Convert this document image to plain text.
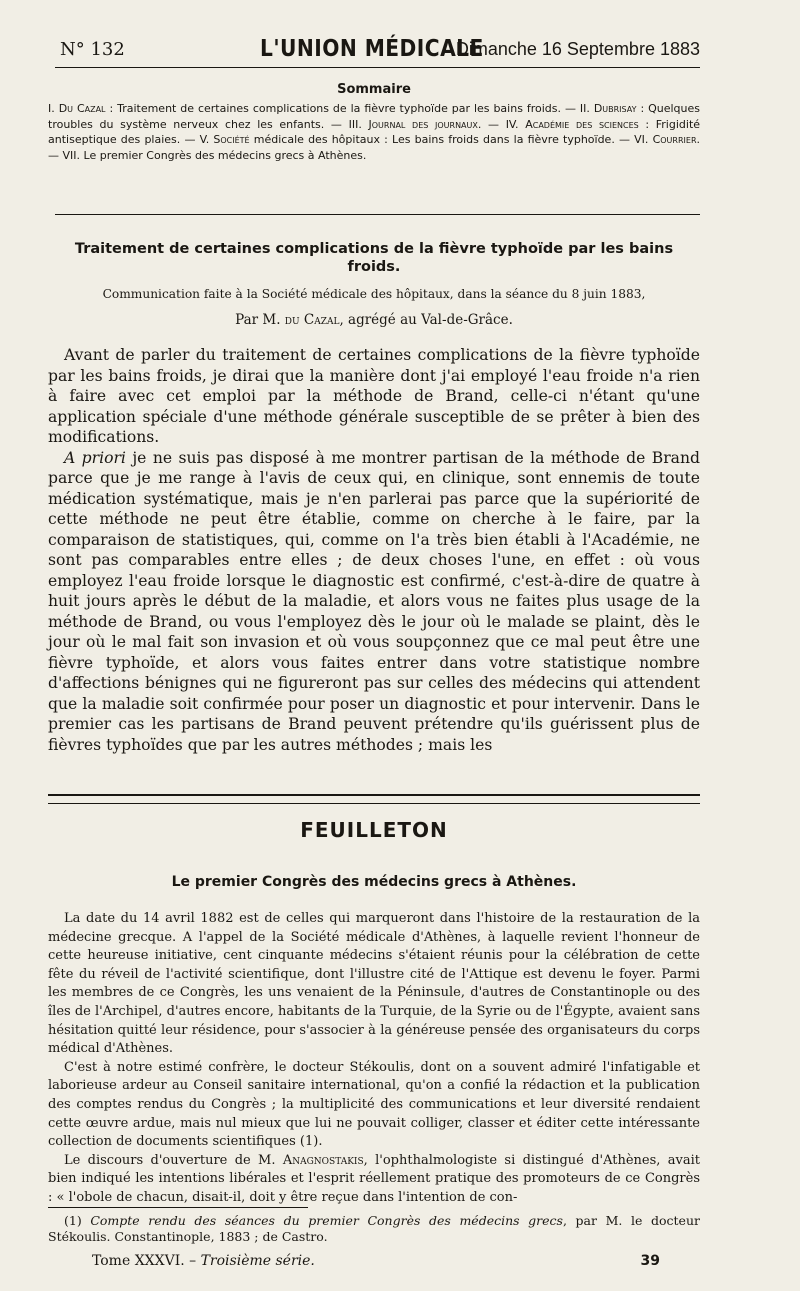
N° 132	L'UNION MÉDICALE
Dimanche 16 Septembre 1883
Sommaire

I. Du Cazal : Traitement de certaines complications de la fièvre typhoïde par les bains froids. — II. Dubrisay : Quelques troubles du système nerveux chez les enfants. — III. Journal des journaux. — IV. Académie des sciences : Frigidité antiseptique des plaies. — V. Société médicale des hôpitaux : Les bains froids dans la fièvre typhoïde. — VI. Courrier. — VII. Le premier Congrès des médecins grecs à Athènes.

Traitement de certaines complications de la fièvre typhoïde par les bains froids.
Communication faite à la Société médicale des hôpitaux, dans la séance du 8 juin 1883,
Par M. du Cazal, agrégé au Val-de-Grâce.

Avant de parler du traitement de certaines complications de la fièvre typhoïde par les bains froids, je dirai que la manière dont j'ai employé l'eau froide n'a rien à faire avec cet emploi par la méthode de Brand, celle-ci n'étant qu'une application spéciale d'une méthode générale susceptible de se prêter à bien des modifications.

A priori je ne suis pas disposé à me montrer partisan de la méthode de Brand parce que je me range à l'avis de ceux qui, en clinique, sont ennemis de toute médication systématique, mais je n'en parlerai pas parce que la supériorité de cette méthode ne peut être établie, comme on cherche à le faire, par la comparaison de statistiques, qui, comme on l'a très bien établi à l'Académie, ne sont pas comparables entre elles ; de deux choses l'une, en effet : où vous employez l'eau froide lorsque le diagnostic est confirmé, c'est-à-dire de quatre à huit jours après le début de la maladie, et alors vous ne faites plus usage de la méthode de Brand, ou vous l'employez dès le jour où le malade se plaint, dès le jour où le mal fait son invasion et où vous soupçonnez que ce mal peut être une fièvre typhoïde, et alors vous faites entrer dans votre statistique nombre d'affections bénignes qui ne figureront pas sur celles des médecins qui attendent que la maladie soit confirmée pour poser un diagnostic et pour intervenir. Dans le premier cas les partisans de Brand peuvent prétendre qu'ils guérissent plus de fièvres typhoïdes que par les autres méthodes ; mais les

FEUILLETON
Le premier Congrès des médecins grecs à Athènes.

La date du 14 avril 1882 est de celles qui marqueront dans l'histoire de la restauration de la médecine grecque. A l'appel de la Société médicale d'Athènes, à laquelle revient l'honneur de cette heureuse initiative, cent cinquante médecins s'étaient réunis pour la célébration de cette fête du réveil de l'activité scientifique, dont l'illustre cité de l'Attique est devenu le foyer. Parmi les membres de ce Congrès, les uns venaient de la Péninsule, d'autres de Constantinople ou des îles de l'Archipel, d'autres encore, habitants de la Turquie, de la Syrie ou de l'Égypte, avaient sans hésitation quitté leur résidence, pour s'associer à la généreuse pensée des organisateurs du corps médical d'Athènes.

C'est à notre estimé confrère, le docteur Stékoulis, dont on a souvent admiré l'infatigable et laborieuse ardeur au Conseil sanitaire international, qu'on a confié la rédaction et la publication des comptes rendus du Congrès ; la multiplicité des communications et leur diversité rendaient cette œuvre ardue, mais nul mieux que lui ne pouvait colliger, classer et éditer cette intéressante collection de documents scientifiques (1).

Le discours d'ouverture de M. Anagnostakis, l'ophthalmologiste si distingué d'Athènes, avait bien indiqué les intentions libérales et l'esprit réellement pratique des promoteurs de ce Congrès : « l'obole de chacun, disait-il, doit y être reçue dans l'intention de con-

(1) Compte rendu des séances du premier Congrès des médecins grecs, par M. le docteur Stékoulis. Constantinople, 1883 ; de Castro.

Tome XXXVI. – Troisième série.	39
